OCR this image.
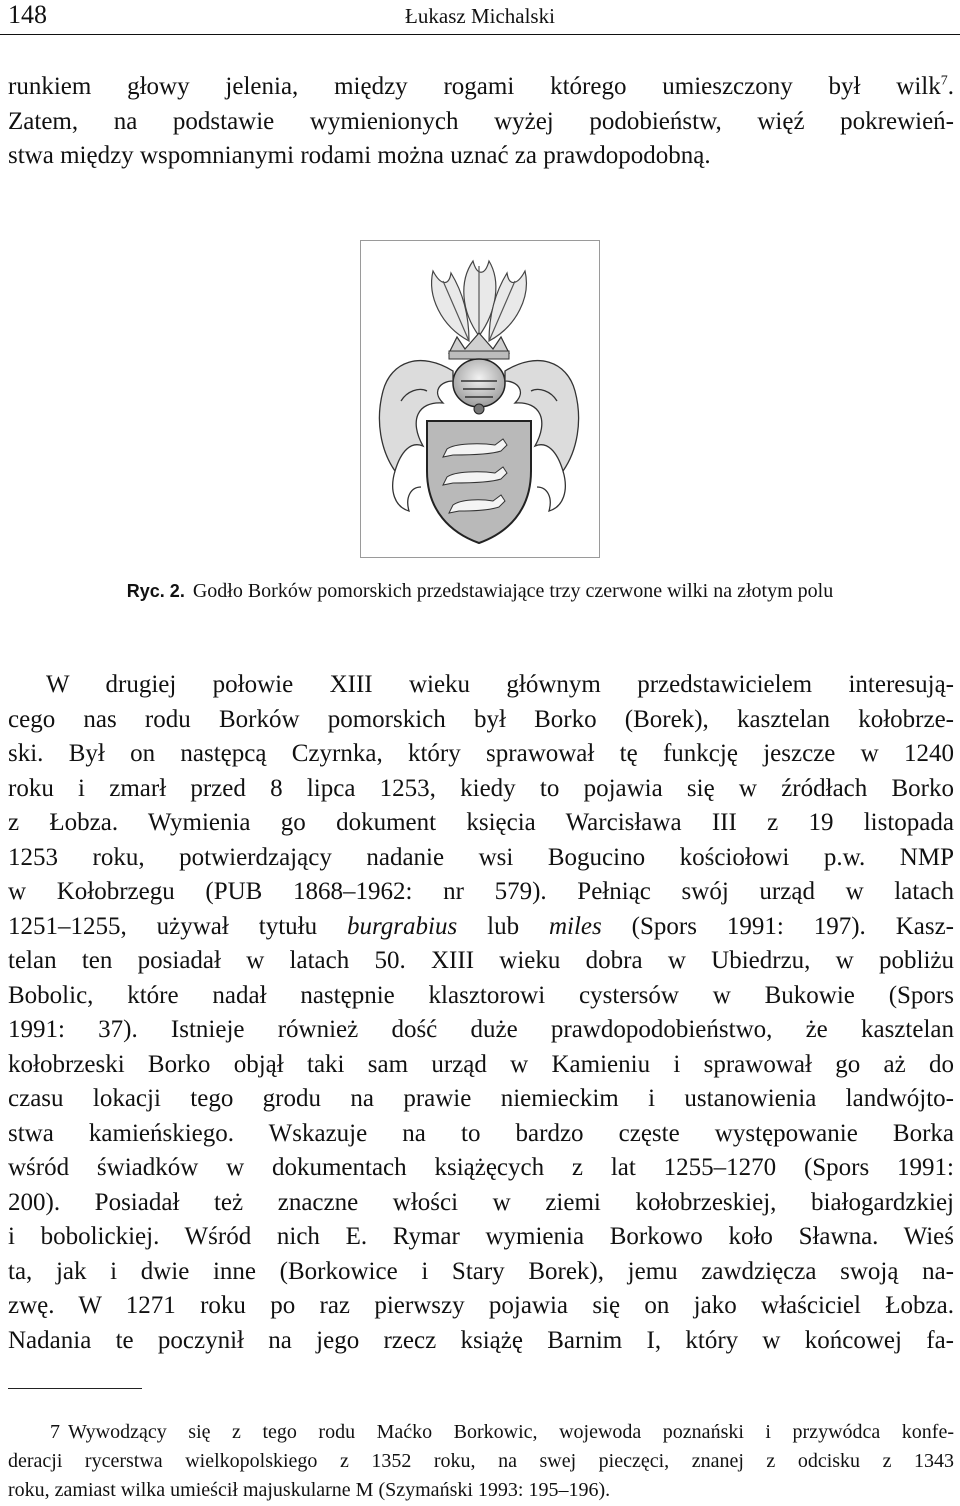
148	Łukasz Michalski
runkiem głowy jelenia, między rogami którego umieszczony był wilk$^7$.
Zatem, na podstawie wymienionych wyżej podobieństw, więź pokrewień-
stwa między wspomnianymi rodami można uznać za prawdopodobną.
Ryc. 2. Godło Borków pomorskich przedstawiające trzy czerwone wilki na złotym polu
W drugiej połowie XIII wieku głównym przedstawicielem interesują-
cego nas rodu Borków pomorskich był Borko (Borek), kasztelan kołobrze-
ski. Był on następcą Czyrnka, który sprawował tę funkcję jeszcze w 1240
roku i zmarł przed 8 lipca 1253, kiedy to pojawia się w źródłach Borko
z Łobza. Wymienia go dokument księcia Warcisława III z 19 listopada
1253 roku, potwierdzający nadanie wsi Bogucino kościołowi p.w. NMP
w Kołobrzegu (PUB 1868–1962: nr 579). Pełniąc swój urząd w latach
1251–1255, używał tytułu burgrabius lub miles (Spors 1991: 197). Kasz-
telan ten posiadał w latach 50. XIII wieku dobra w Ubiedrzu, w pobliżu
Bobolic, które nadał następnie klasztorowi cystersów w Bukowie (Spors
1991: 37). Istnieje również dość duże prawdopodobieństwo, że kasztelan
kołobrzeski Borko objął taki sam urząd w Kamieniu i sprawował go aż do
czasu lokacji tego grodu na prawie niemieckim i ustanowienia landwójto-
stwa kamieńskiego. Wskazuje na to bardzo częste występowanie Borka
wśród świadków w dokumentach książęcych z lat 1255–1270 (Spors 1991:
200). Posiadał też znaczne włości w ziemi kołobrzeskiej, białogardzkiej
i bobolickiej. Wśród nich E. Rymar wymienia Borkowo koło Sławna. Wieś
ta, jak i dwie inne (Borkowice i Stary Borek), jemu zawdzięcza swoją na-
zwę. W 1271 roku po raz pierwszy pojawia się on jako właściciel Łobza.
Nadania te poczynił na jego rzecz książę Barnim I, który w końcowej fa-
7 Wywodzący się z tego rodu Maćko Borkowic, wojewoda poznański i przywódca konfe-
deracji rycerstwa wielkopolskiego z 1352 roku, na swej pieczęci, znanej z odcisku z 1343
roku, zamiast wilka umieścił majuskularne M (Szymański 1993: 195–196).
